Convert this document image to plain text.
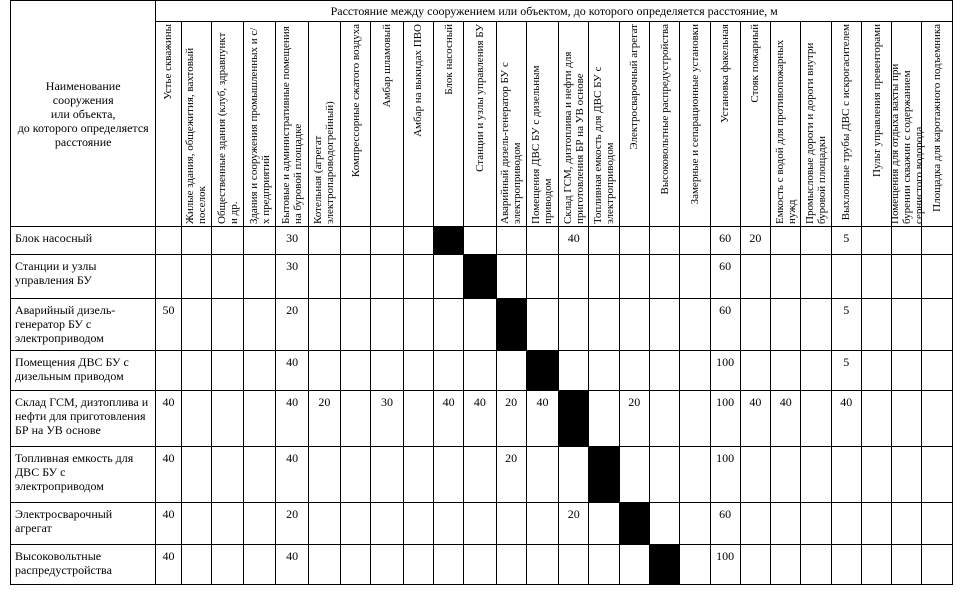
Наименование
сооружения
или объекта,
до которого определяется
расстояние	Расстояние между сооружением или объектом, до которого определяется расстояние, м																									

	Устье скважины	Жилые здания, общежития, вахтовый поселок	Общественные здания (клуб, здравпункт и др.	Здания и сооружения промышленных и с/х предприятий	Бытовые и административные помещения на буровой площадке	Котельная (агрегат электропароводогрейный)	Компрессорные сжатого воздуха	Амбар шламовый	Амбар на выкидах ПВО	Блок насосный	Станции и узлы управления БУ	Аварийный дизель-генератор БУ с электроприводом	Помещения ДВС БУ с дизельным приводом	Склад ГСМ, дизтоплива и нефти для приготовления БР на УВ основе	Топливная емкость для ДВС БУ с электроприводом	Электросварочный агрегат	Высоковольтные распредустройства	Замерные и сепарационные установки	Установка факельная	Стояк пожарный	Емкость с водой для противопожарных нужд	Промысловые дороги и дороги внутри буровой площадки	Выхлопные трубы ДВС с искрогасителем	Пульт управления превенторами	Помещения для отдыха вахты при бурении скважин с содержанием сернистого водорода	Площадка для каротажного подъемника

Блок насосный					30									40					60	20			5			
Станции и узлы управления БУ					30														60							
Аварийный дизель-генератор БУ с электроприводом	50				20														60				5			
Помещения ДВС БУ с дизельным приводом					40														100				5			
Склад ГСМ, дизтоплива и нефти для приготовления БР на УВ основе	40				40	20		30		40	40	20	40			20			100	40	40		40			
Топливная емкость для ДВС БУ с электроприводом	40				40							20							100							
Электросварочный агрегат	40				20									20					60							
Высоковольтные распредустройства	40				40														100							
